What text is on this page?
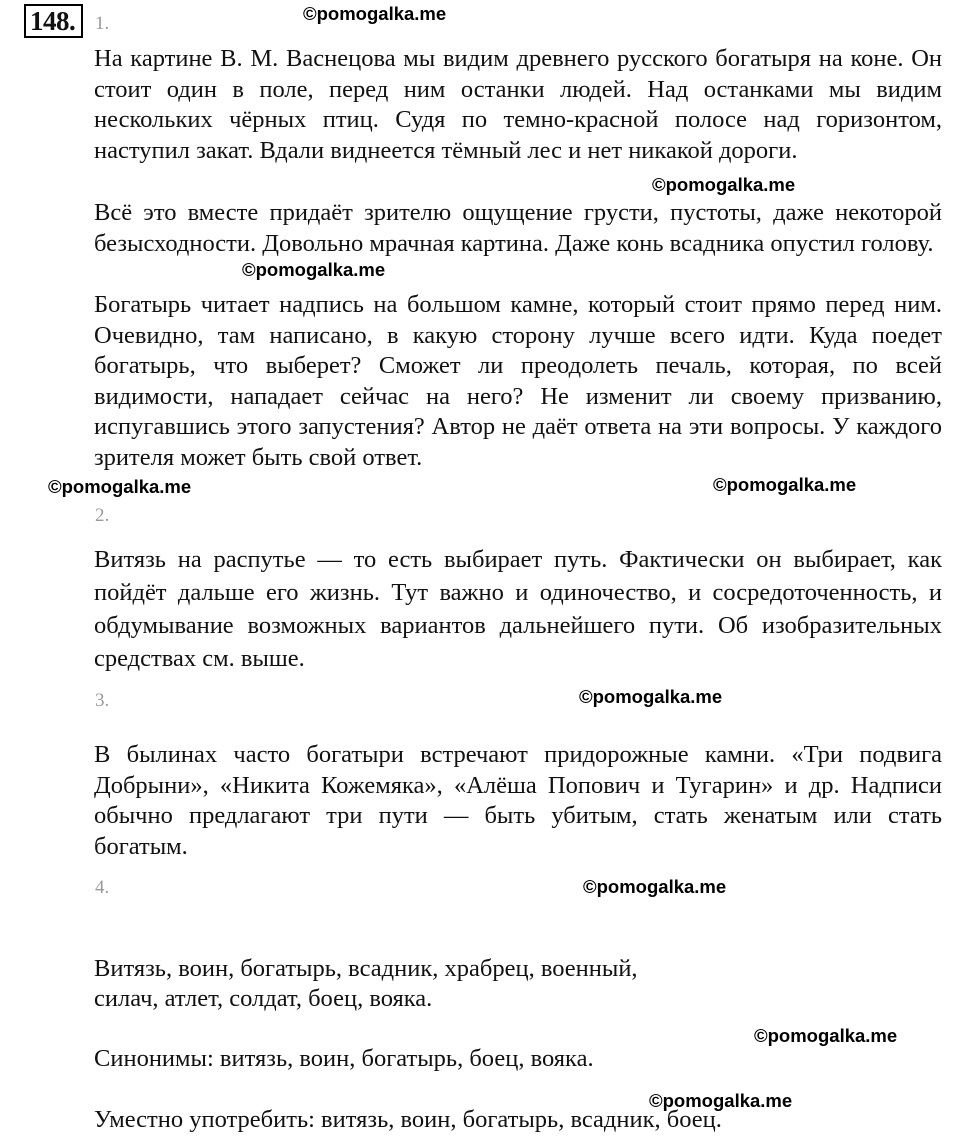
148.	©pomogalka.me
©pomogalka.me
©pomogalka.me
©pomogalka.me	©pomogalka.me
©pomogalka.me
©pomogalka.me
©pomogalka.me
©pomogalka.me
1.

На картине В. М. Васнецова мы видим древнего русского богатыря на коне. Он стоит один в поле, перед ним останки людей. Над останками мы видим нескольких чёрных птиц. Судя по темно-красной полосе над горизонтом, наступил закат. Вдали виднеется тёмный лес и нет никакой дороги.

Всё это вместе придаёт зрителю ощущение грусти, пустоты, даже некоторой безысходности. Довольно мрачная картина. Даже конь всадника опустил голову.

Богатырь читает надпись на большом камне, который стоит прямо перед ним. Очевидно, там написано, в какую сторону лучше всего идти. Куда поедет богатырь, что выберет? Сможет ли преодолеть печаль, которая, по всей видимости, нападает сейчас на него? Не изменит ли своему призванию, испугавшись этого запустения? Автор не даёт ответа на эти вопросы. У каждого зрителя может быть свой ответ.

2.

Витязь на распутье — то есть выбирает путь. Фактически он выбирает, как пойдёт дальше его жизнь. Тут важно и одиночество, и сосредоточенность, и обдумывание возможных вариантов дальнейшего пути. Об изобразительных средствах см. выше.

3.

В былинах часто богатыри встречают придорожные камни. «Три подвига Добрыни», «Никита Кожемяка», «Алёша Попович и Тугарин» и др. Надписи обычно предлагают три пути — быть убитым, стать женатым или стать богатым.

4.

Витязь, воин, богатырь, всадник, храбрец, военный,

силач, атлет, солдат, боец, вояка.

Синонимы: витязь, воин, богатырь, боец, вояка.

Уместно употребить: витязь, воин, богатырь, всадник, боец.
